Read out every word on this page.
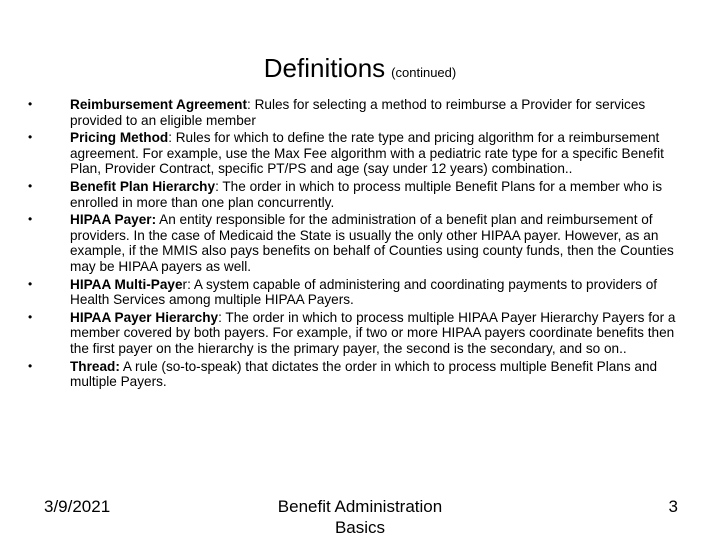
Definitions (continued)
•	Reimbursement Agreement: Rules for selecting a method to reimburse a Provider for services provided to an eligible member
•	Pricing Method: Rules for which to define the rate type and pricing algorithm for a reimbursement agreement. For example, use the Max Fee algorithm with a pediatric rate type for a specific Benefit Plan, Provider Contract, specific PT/PS and age (say under 12 years) combination..
•	Benefit Plan Hierarchy: The order in which to process multiple Benefit Plans for a member who is enrolled in more than one plan concurrently.
•	HIPAA Payer: An entity responsible for the administration of a benefit plan and reimbursement of providers. In the case of Medicaid the State is usually the only other HIPAA payer. However, as an example, if the MMIS also pays benefits on behalf of Counties using county funds, then the Counties may be HIPAA payers as well.
•	HIPAA Multi-Payer: A system capable of administering and coordinating payments to providers of Health Services among multiple HIPAA Payers.
•	HIPAA Payer Hierarchy: The order in which to process multiple HIPAA Payer Hierarchy Payers for a member covered by both payers. For example, if two or more HIPAA payers coordinate benefits then the first payer on the hierarchy is the primary payer, the second is the secondary, and so on..
•	Thread: A rule (so-to-speak) that dictates the order in which to process multiple Benefit Plans and multiple Payers.
3/9/2021	Benefit Administration
Basics
3
